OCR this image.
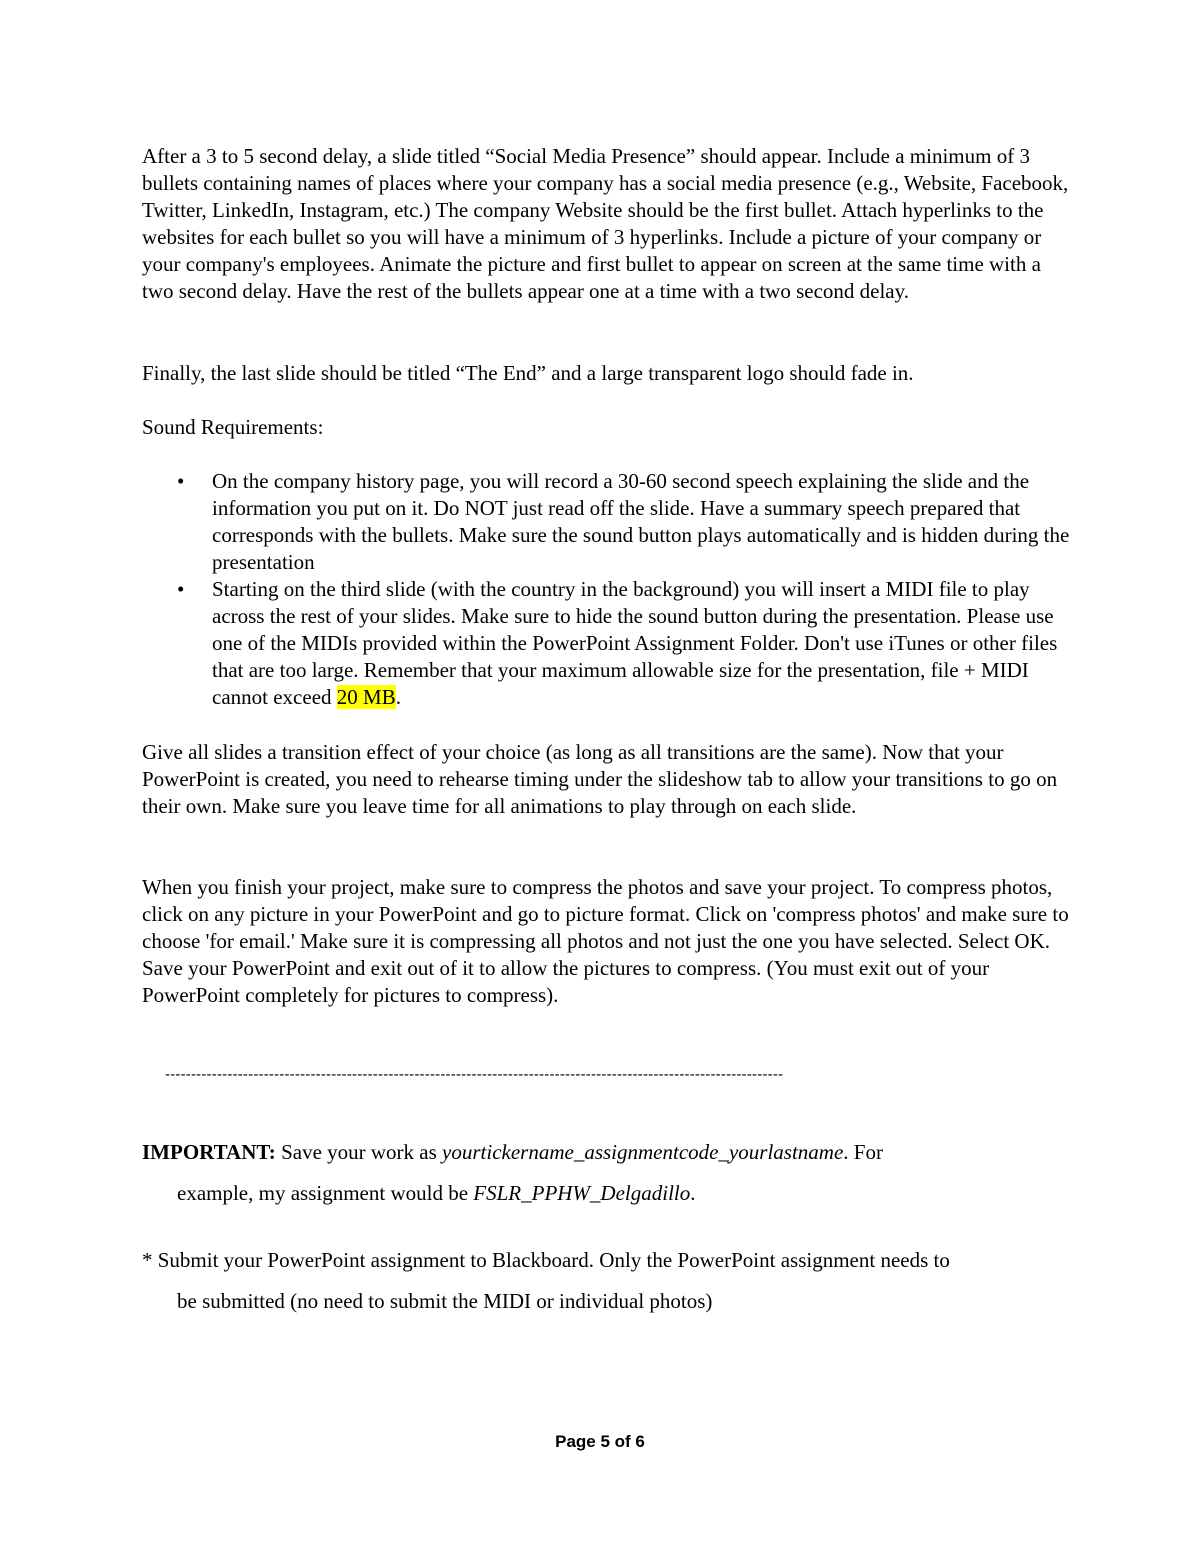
After a 3 to 5 second delay, a slide titled “Social Media Presence” should appear. Include a minimum of 3 bullets containing names of places where your company has a social media presence (e.g., Website, Facebook, Twitter, LinkedIn, Instagram, etc.) The company Website should be the first bullet. Attach hyperlinks to the websites for each bullet so you will have a minimum of 3 hyperlinks. Include a picture of your company or your company's employees. Animate the picture and first bullet to appear on screen at the same time with a two second delay. Have the rest of the bullets appear one at a time with a two second delay.

Finally, the last slide should be titled “The End” and a large transparent logo should fade in.

Sound Requirements:

• On the company history page, you will record a 30-60 second speech explaining the slide and the information you put on it. Do NOT just read off the slide. Have a summary speech prepared that corresponds with the bullets. Make sure the sound button plays automatically and is hidden during the presentation
• Starting on the third slide (with the country in the background) you will insert a MIDI file to play across the rest of your slides. Make sure to hide the sound button during the presentation. Please use one of the MIDIs provided within the PowerPoint Assignment Folder. Don't use iTunes or other files that are too large. Remember that your maximum allowable size for the presentation, file + MIDI cannot exceed 20 MB.

Give all slides a transition effect of your choice (as long as all transitions are the same). Now that your PowerPoint is created, you need to rehearse timing under the slideshow tab to allow your transitions to go on their own. Make sure you leave time for all animations to play through on each slide.

When you finish your project, make sure to compress the photos and save your project. To compress photos, click on any picture in your PowerPoint and go to picture format. Click on 'compress photos' and make sure to choose 'for email.' Make sure it is compressing all photos and not just the one you have selected. Select OK. Save your PowerPoint and exit out of it to allow the pictures to compress. (You must exit out of your PowerPoint completely for pictures to compress).

-----------------------------------------------------------------------------------------------------------------------
IMPORTANT: Save your work as yourtickername_assignmentcode_yourlastname. For
example, my assignment would be FSLR_PPHW_Delgadillo.
* Submit your PowerPoint assignment to Blackboard. Only the PowerPoint assignment needs to
be submitted (no need to submit the MIDI or individual photos)
Page 5 of 6
